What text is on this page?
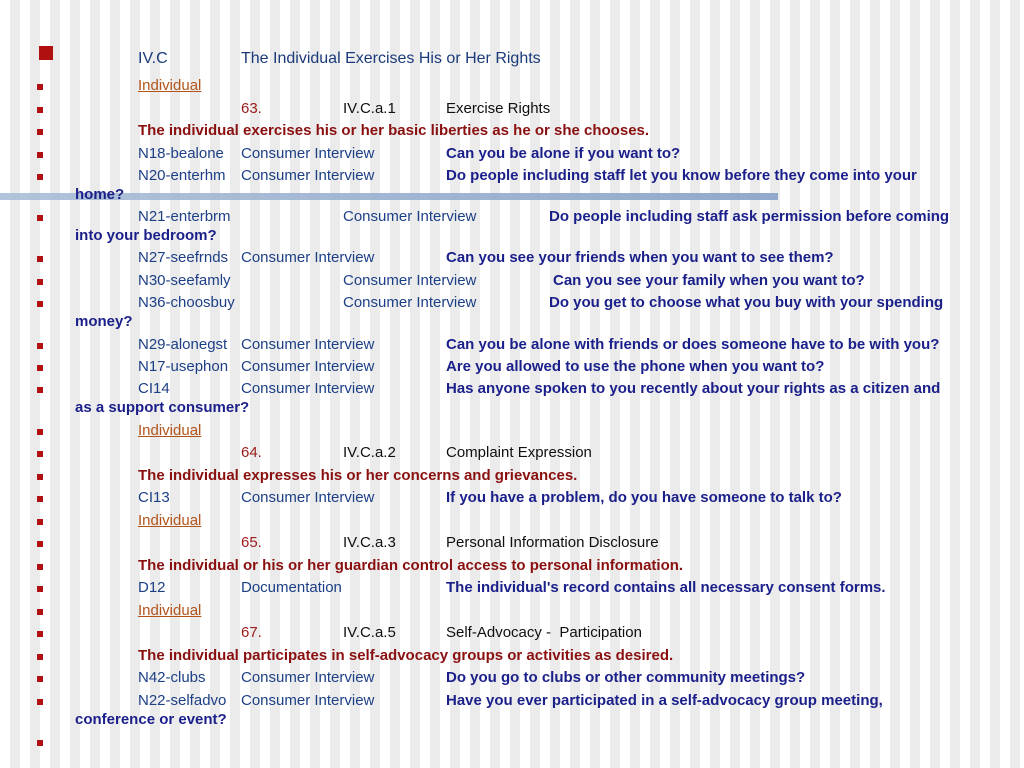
IV.C	The Individual Exercises His or Her Rights
Individual
63.	IV.C.a.1	Exercise Rights
The individual exercises his or her basic liberties as he or she chooses.
N18-bealone Consumer Interview	Can you be alone if you want to?
N20-enterhm Consumer Interview	Do people including staff let you know before they come into your
home?
N21-enterbrm	Consumer Interview	Do people including staff ask permission before coming
into your bedroom?
N27-seefrnds Consumer Interview	Can you see your friends when you want to see them?
N30-seefamly	Consumer Interview	Can you see your family when you want to?
N36-choosbuy	Consumer Interview	Do you get to choose what you buy with your spending
money?
N29-alonegst Consumer Interview	Can you be alone with friends or does someone have to be with you?
N17-usephon Consumer Interview	Are you allowed to use the phone when you want to?
CI14	Consumer Interview	Has anyone spoken to you recently about your rights as a citizen and
as a support consumer?
Individual
64.	IV.C.a.2	Complaint Expression
The individual expresses his or her concerns and grievances.
CI13	Consumer Interview	If you have a problem, do you have someone to talk to?
Individual
65.	IV.C.a.3	Personal Information Disclosure
The individual or his or her guardian control access to personal information.
D12	Documentation	The individual's record contains all necessary consent forms.
Individual
67.	IV.C.a.5	Self-Advocacy -  Participation
The individual participates in self-advocacy groups or activities as desired.
N42-clubs Consumer Interview	Do you go to clubs or other community meetings?
N22-selfadvo Consumer Interview	Have you ever participated in a self-advocacy group meeting,
conference or event?
